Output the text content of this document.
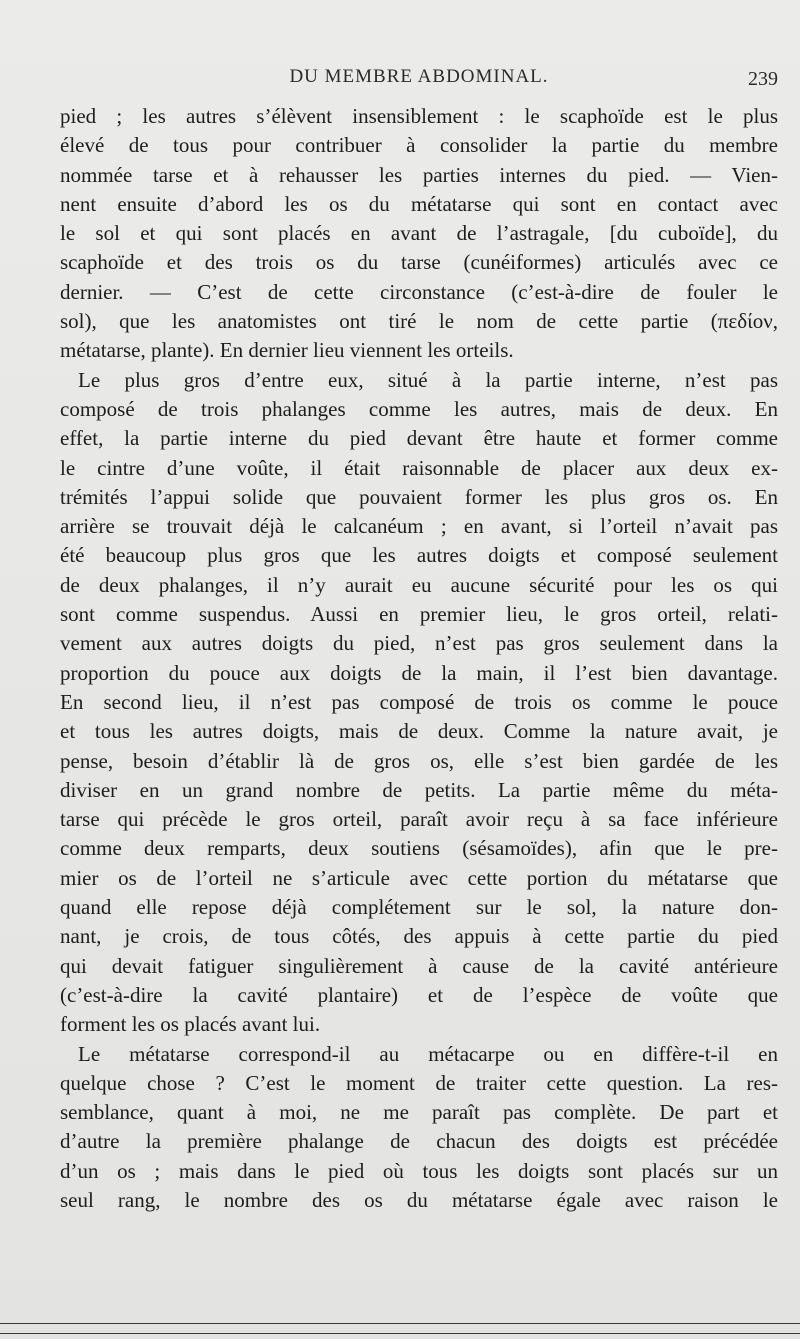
DU MEMBRE ABDOMINAL.	239
pied ; les autres s’élèvent insensiblement : le scaphoïde est le plus
élevé de tous pour contribuer à consolider la partie du membre
nommée tarse et à rehausser les parties internes du pied. — Vien-
nent ensuite d’abord les os du métatarse qui sont en contact avec
le sol et qui sont placés en avant de l’astragale, [du cuboïde], du
scaphoïde et des trois os du tarse (cunéiformes) articulés avec ce
dernier. — C’est de cette circonstance (c’est-à-dire de fouler le
sol), que les anatomistes ont tiré le nom de cette partie (πεδίον,
métatarse, plante). En dernier lieu viennent les orteils.
Le plus gros d’entre eux, situé à la partie interne, n’est pas
composé de trois phalanges comme les autres, mais de deux. En
effet, la partie interne du pied devant être haute et former comme
le cintre d’une voûte, il était raisonnable de placer aux deux ex-
trémités l’appui solide que pouvaient former les plus gros os. En
arrière se trouvait déjà le calcanéum ; en avant, si l’orteil n’avait pas
été beaucoup plus gros que les autres doigts et composé seulement
de deux phalanges, il n’y aurait eu aucune sécurité pour les os qui
sont comme suspendus. Aussi en premier lieu, le gros orteil, relati-
vement aux autres doigts du pied, n’est pas gros seulement dans la
proportion du pouce aux doigts de la main, il l’est bien davantage.
En second lieu, il n’est pas composé de trois os comme le pouce
et tous les autres doigts, mais de deux. Comme la nature avait, je
pense, besoin d’établir là de gros os, elle s’est bien gardée de les
diviser en un grand nombre de petits. La partie même du méta-
tarse qui précède le gros orteil, paraît avoir reçu à sa face inférieure
comme deux remparts, deux soutiens (sésamoïdes), afin que le pre-
mier os de l’orteil ne s’articule avec cette portion du métatarse que
quand elle repose déjà complétement sur le sol, la nature don-
nant, je crois, de tous côtés, des appuis à cette partie du pied
qui devait fatiguer singulièrement à cause de la cavité antérieure
(c’est-à-dire la cavité plantaire) et de l’espèce de voûte que
forment les os placés avant lui.
Le métatarse correspond-il au métacarpe ou en diffère-t-il en
quelque chose ? C’est le moment de traiter cette question. La res-
semblance, quant à moi, ne me paraît pas complète. De part et
d’autre la première phalange de chacun des doigts est précédée
d’un os ; mais dans le pied où tous les doigts sont placés sur un
seul rang, le nombre des os du métatarse égale avec raison le
